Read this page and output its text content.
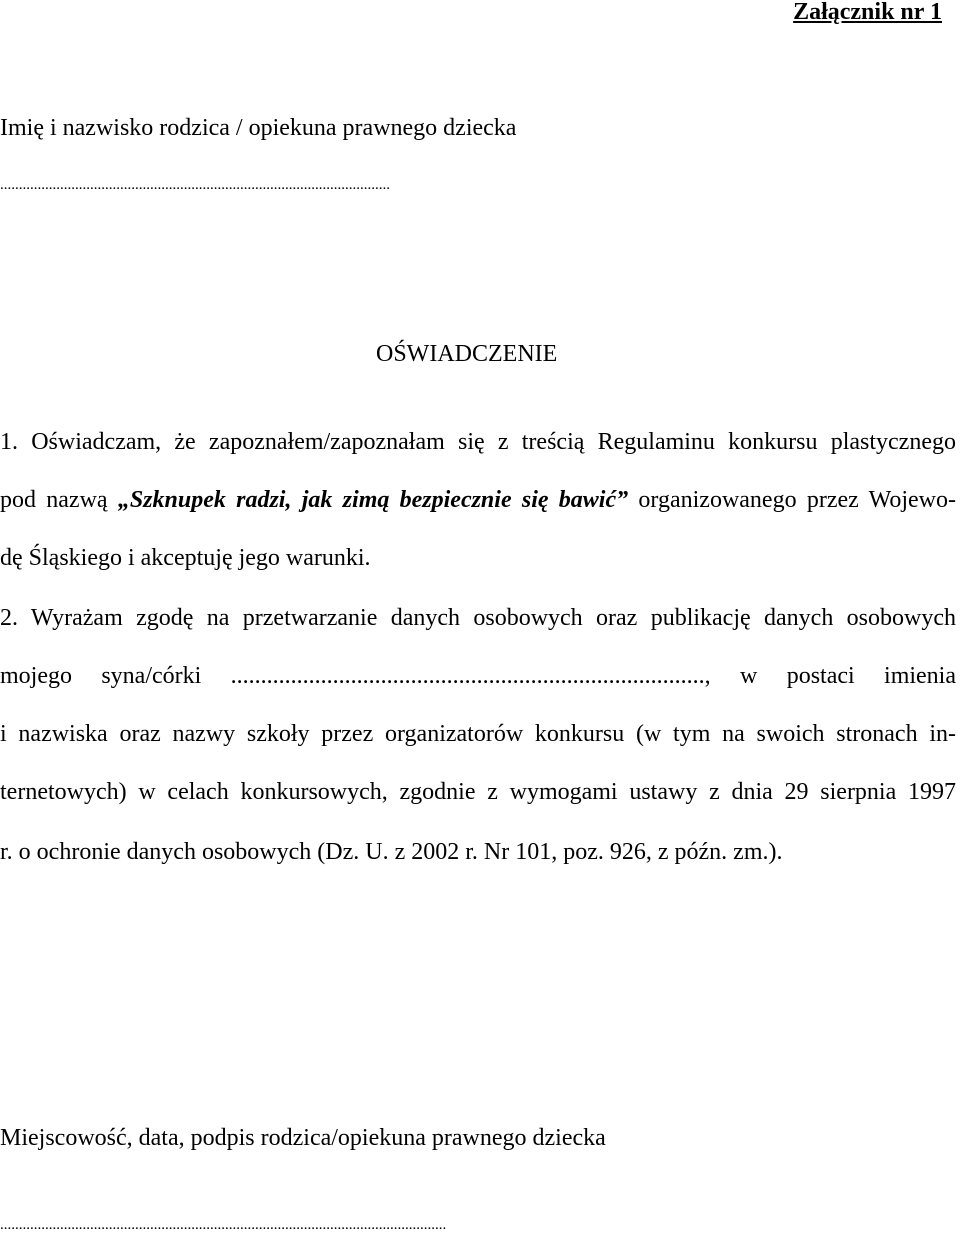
Załącznik nr 1
Imię i nazwisko rodzica / opiekuna prawnego dziecka
........................................................................................................
OŚWIADCZENIE
1. Oświadczam, że zapoznałem/zapoznałam się z treścią Regulaminu konkursu plastycznego
pod nazwą „Szknupek radzi, jak zimą bezpiecznie się bawić” organizowanego przez Wojewo-
dę Śląskiego i akceptuję jego warunki.
2. Wyrażam zgodę na przetwarzanie danych osobowych oraz publikację danych osobowych
mojego syna/córki ..............................................................................., w postaci imienia
i nazwiska oraz nazwy szkoły przez organizatorów konkursu (w tym na swoich stronach in-
ternetowych) w celach konkursowych, zgodnie z wymogami ustawy z dnia 29 sierpnia 1997
r. o ochronie danych osobowych (Dz. U. z 2002 r. Nr 101, poz. 926, z późn. zm.).
Miejscowość, data, podpis rodzica/opiekuna prawnego dziecka
.......................................................................................................................
